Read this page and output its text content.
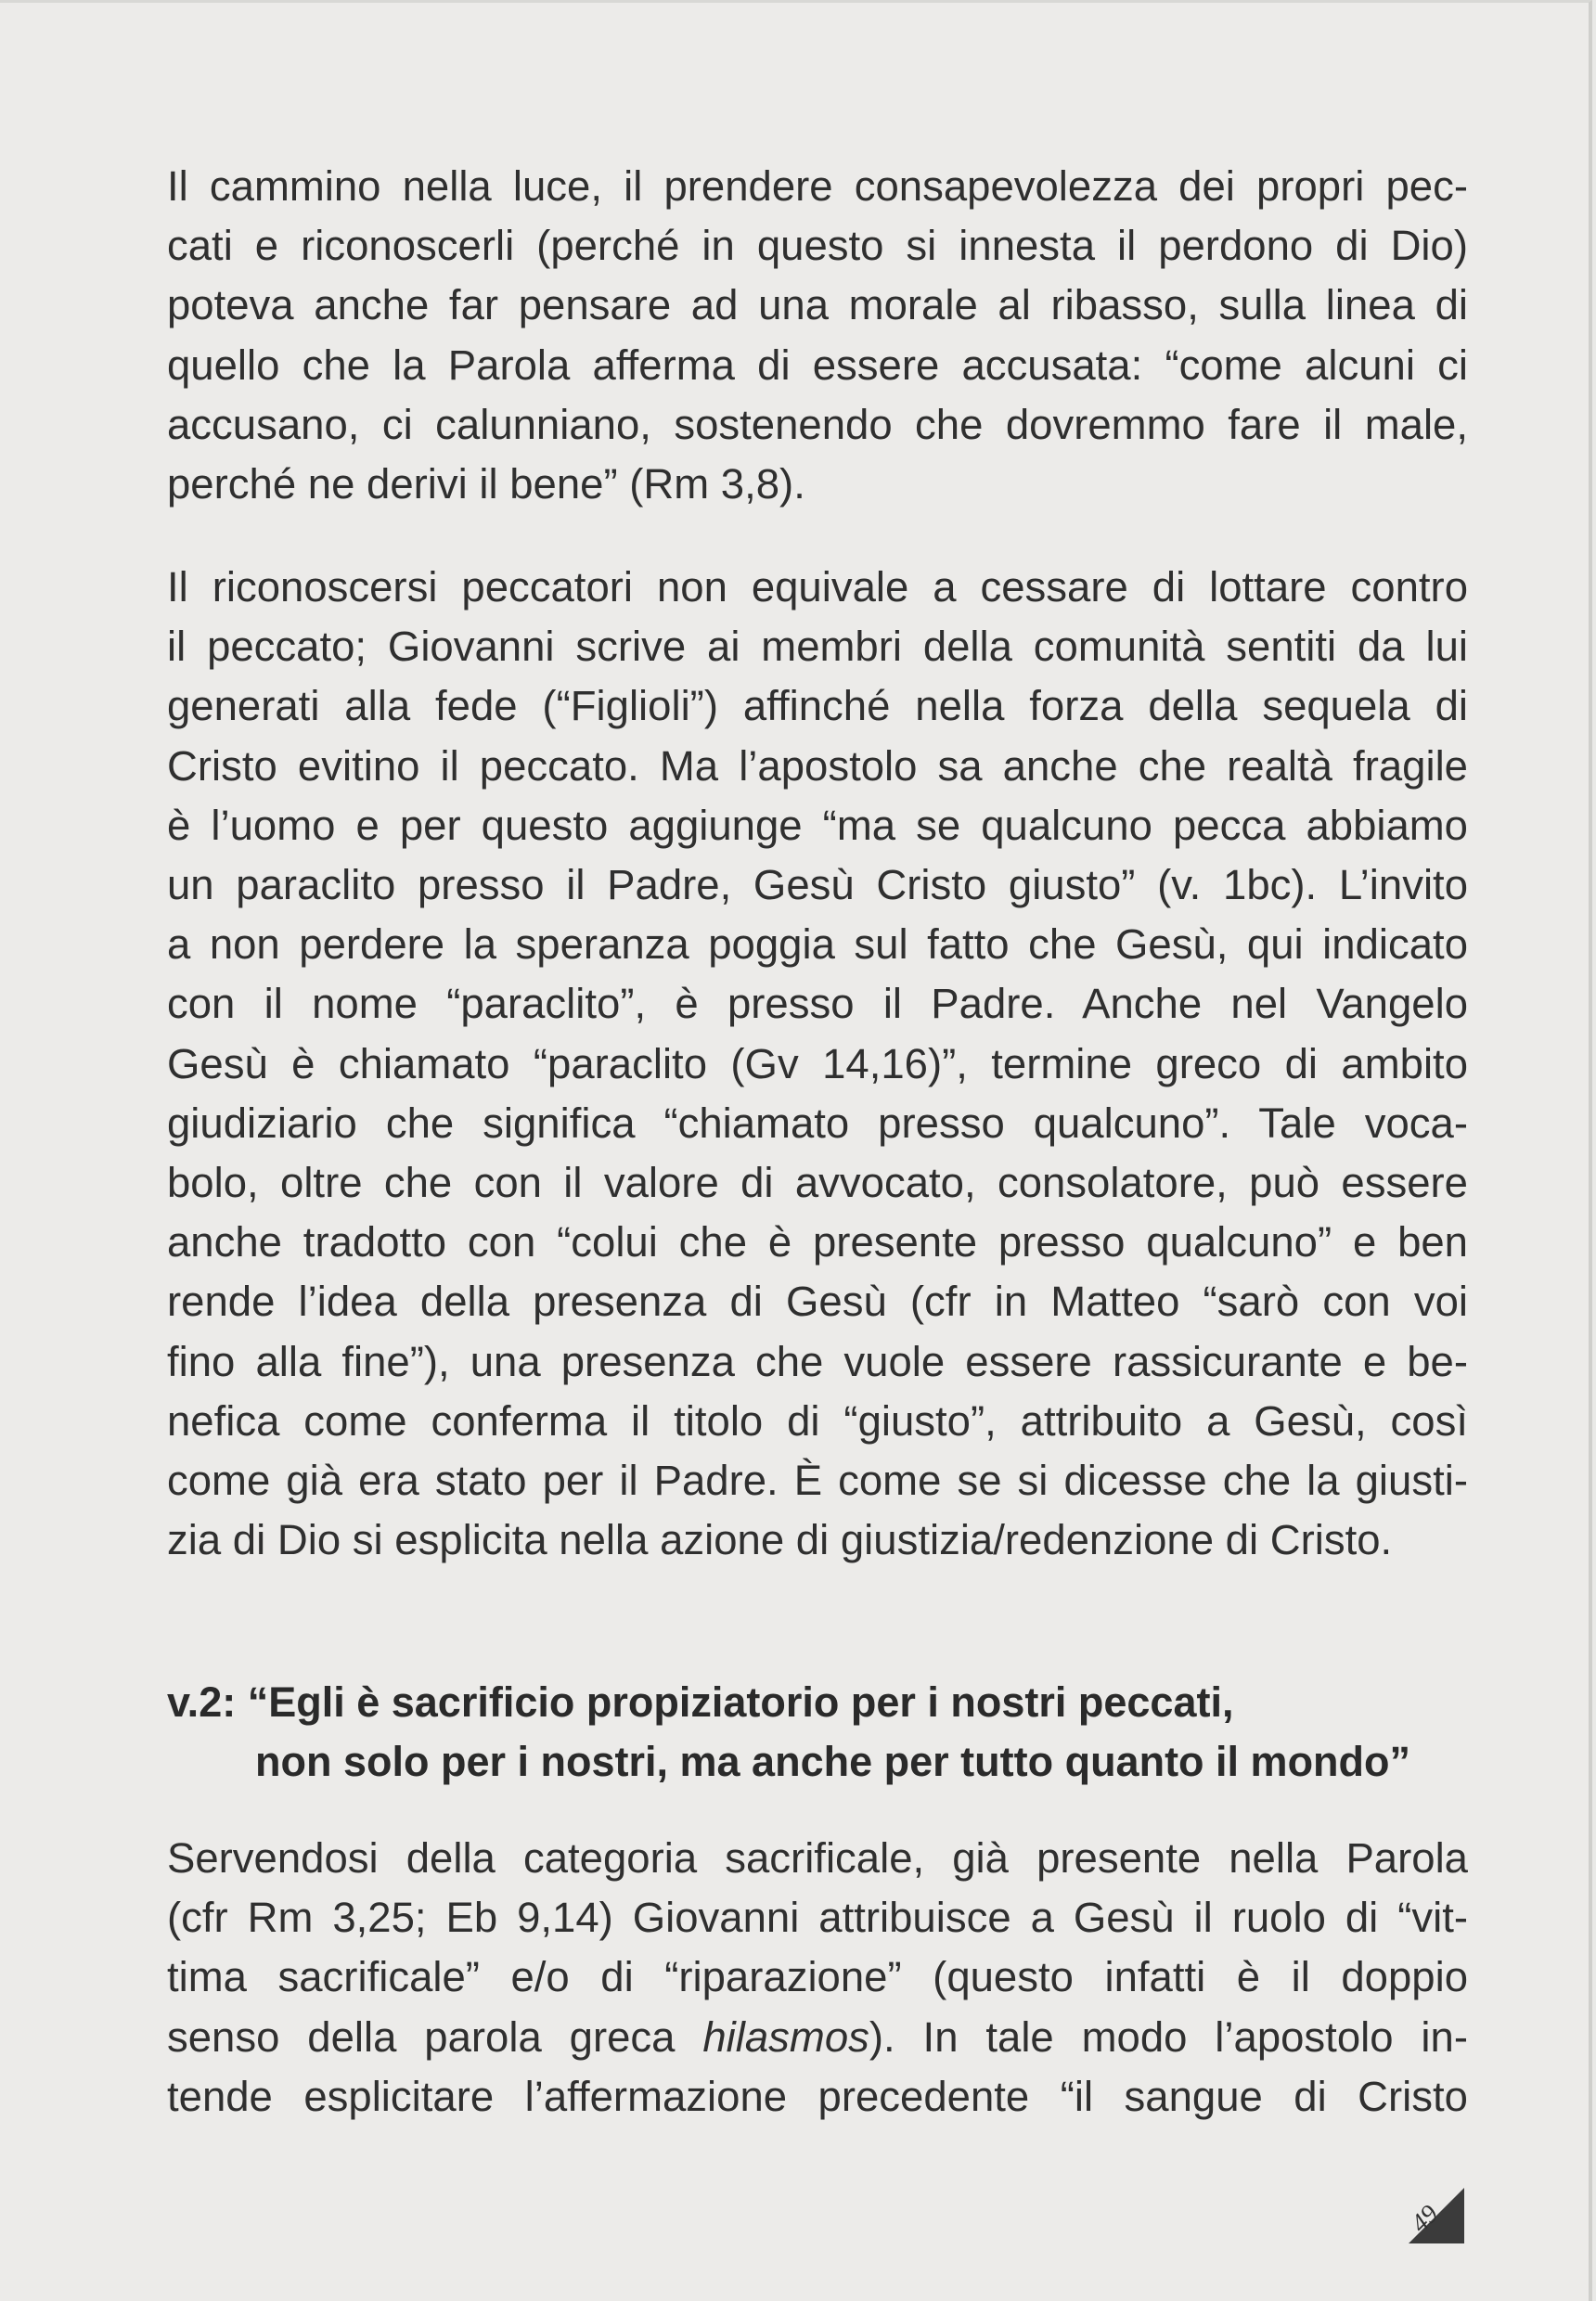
Il cammino nella luce, il prendere consapevolezza dei propri pec-
cati e riconoscerli (perché in questo si innesta il perdono di Dio)
poteva anche far pensare ad una morale al ribasso, sulla linea di
quello che la Parola afferma di essere accusata: “come alcuni ci
accusano, ci calunniano, sostenendo che dovremmo fare il male,
perché ne derivi il bene” (Rm 3,8).
Il riconoscersi peccatori non equivale a cessare di lottare contro
il peccato; Giovanni scrive ai membri della comunità sentiti da lui
generati alla fede (“Figlioli”) affinché nella forza della sequela di
Cristo evitino il peccato. Ma l’apostolo sa anche che realtà fragile
è l’uomo e per questo aggiunge “ma se qualcuno pecca abbiamo
un paraclito presso il Padre, Gesù Cristo giusto” (v. 1bc). L’invito
a non perdere la speranza poggia sul fatto che Gesù, qui indicato
con il nome “paraclito”, è presso il Padre. Anche nel Vangelo
Gesù è chiamato “paraclito (Gv 14,16)”, termine greco di ambito
giudiziario che significa “chiamato presso qualcuno”. Tale voca-
bolo, oltre che con il valore di avvocato, consolatore, può essere
anche tradotto con “colui che è presente presso qualcuno” e ben
rende l’idea della presenza di Gesù (cfr in Matteo “sarò con voi
fino alla fine”), una presenza che vuole essere rassicurante e be-
nefica come conferma il titolo di “giusto”, attribuito a Gesù, così
come già era stato per il Padre. È come se si dicesse che la giusti-
zia di Dio si esplicita nella azione di giustizia/redenzione di Cristo.
v.2: “Egli è sacrificio propiziatorio per i nostri peccati,
non solo per i nostri, ma anche per tutto quanto il mondo”
Servendosi della categoria sacrificale, già presente nella Parola
(cfr Rm 3,25; Eb 9,14) Giovanni attribuisce a Gesù il ruolo di “vit-
tima sacrificale” e/o di “riparazione” (questo infatti è il doppio
senso della parola greca hilasmos). In tale modo l’apostolo in-
tende esplicitare l’affermazione precedente “il sangue di Cristo
49
